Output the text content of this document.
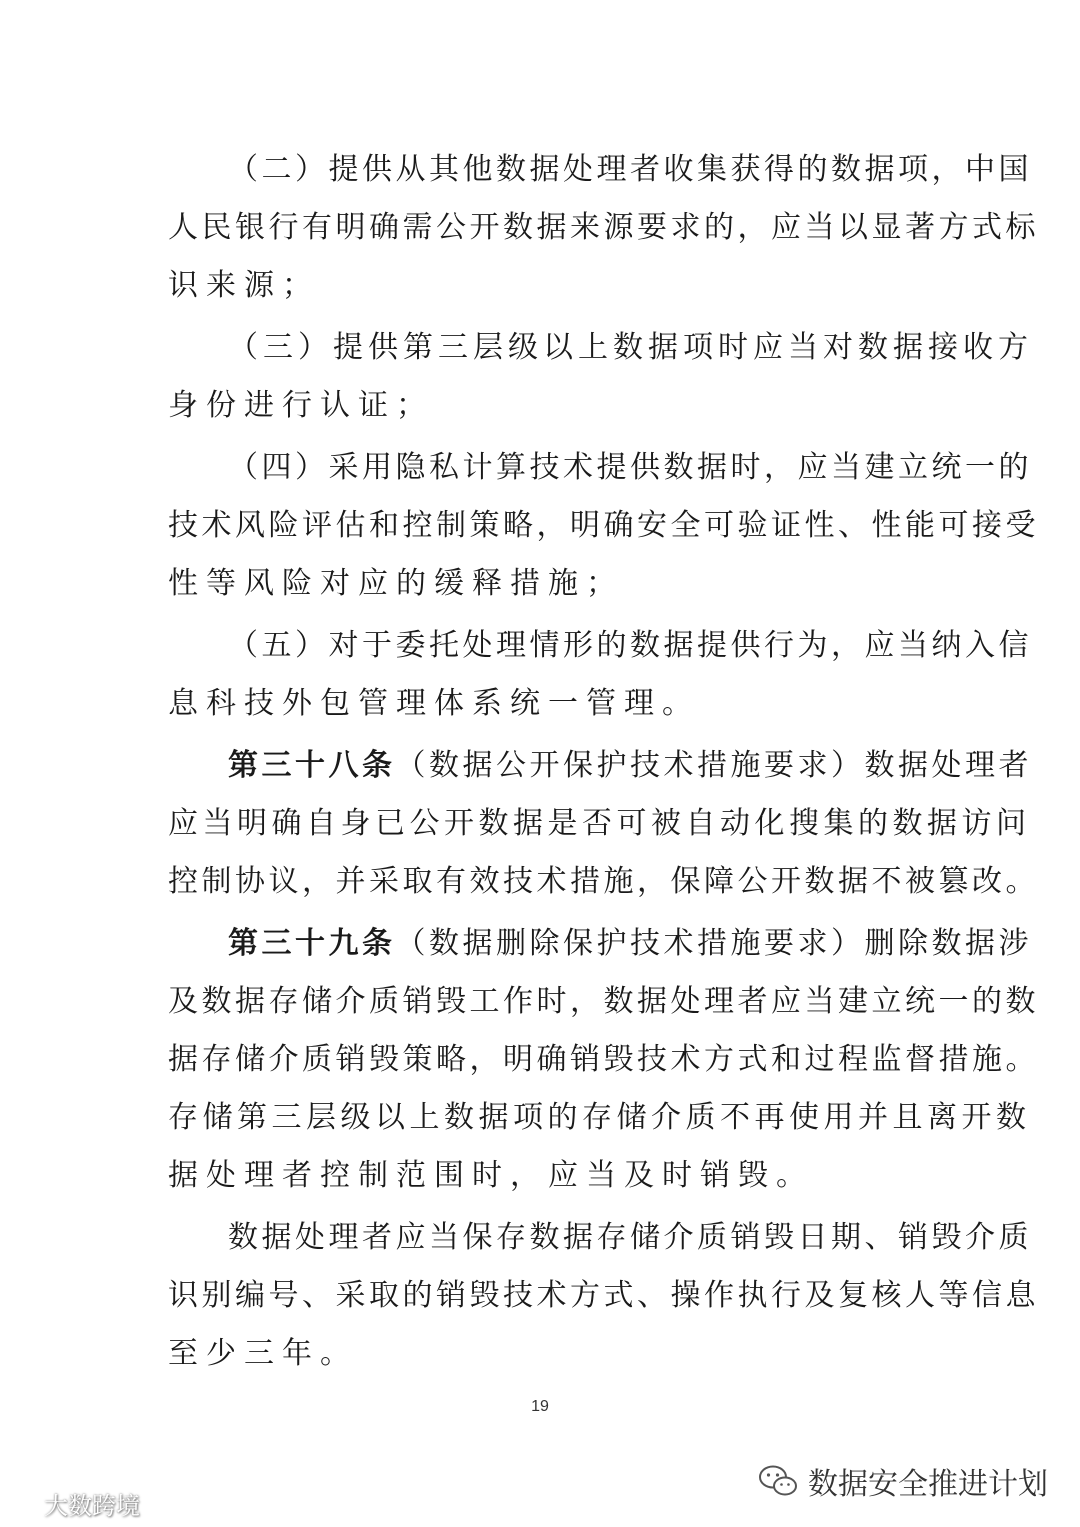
（二）提供从其他数据处理者收集获得的数据项，中国
人民银行有明确需公开数据来源要求的，应当以显著方式标
识来源；
（三）提供第三层级以上数据项时应当对数据接收方
身份进行认证；
（四）采用隐私计算技术提供数据时，应当建立统一的
技术风险评估和控制策略，明确安全可验证性、性能可接受
性等风险对应的缓释措施；
（五）对于委托处理情形的数据提供行为，应当纳入信
息科技外包管理体系统一管理。
第三十八条（数据公开保护技术措施要求）数据处理者
应当明确自身已公开数据是否可被自动化搜集的数据访问
控制协议，并采取有效技术措施，保障公开数据不被篡改。
第三十九条（数据删除保护技术措施要求）删除数据涉
及数据存储介质销毁工作时，数据处理者应当建立统一的数
据存储介质销毁策略，明确销毁技术方式和过程监督措施。
存储第三层级以上数据项的存储介质不再使用并且离开数
据处理者控制范围时，应当及时销毁。
数据处理者应当保存数据存储介质销毁日期、销毁介质
识别编号、采取的销毁技术方式、操作执行及复核人等信息
至少三年。
19
大数跨境
数据安全推进计划
